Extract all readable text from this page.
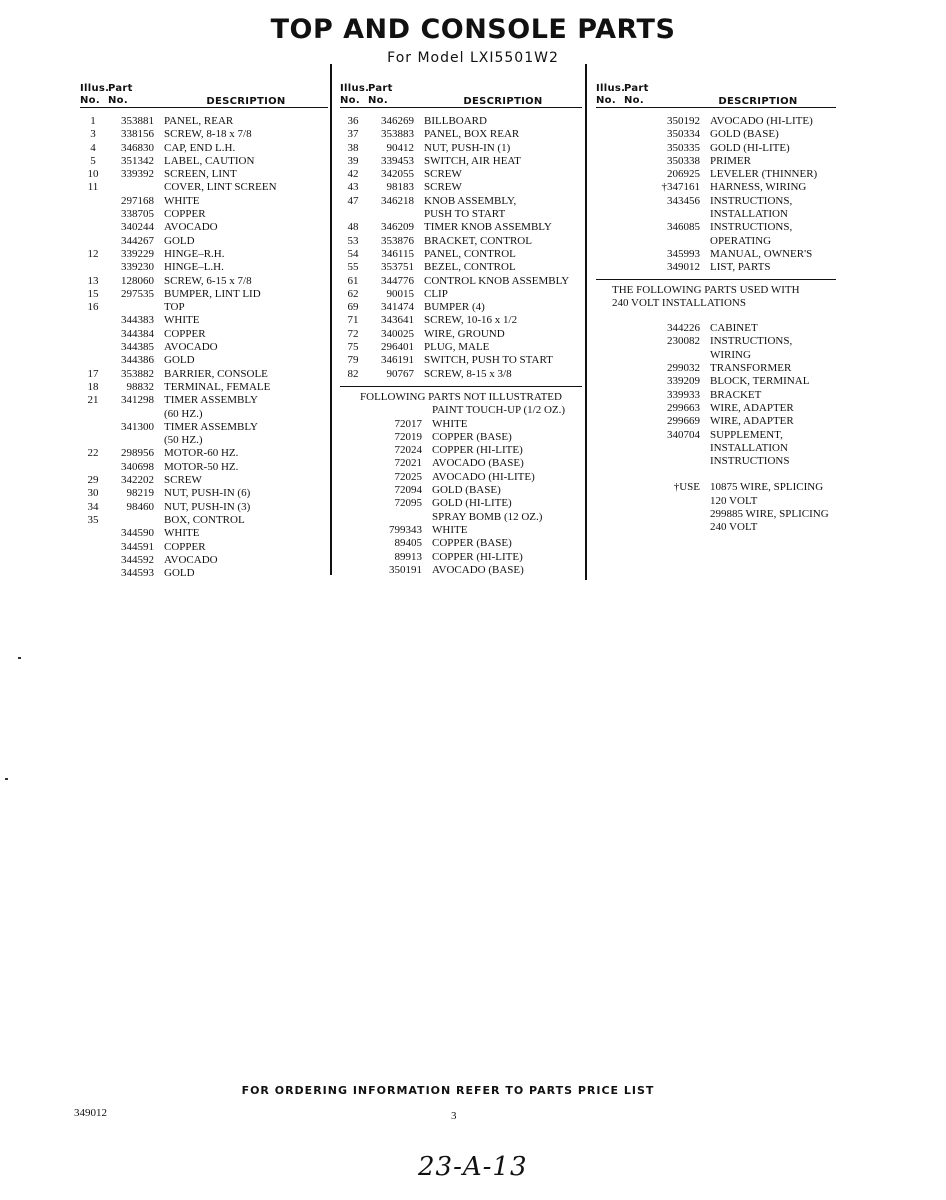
TOP AND CONSOLE PARTS
For Model LXI5501W2
Illus.
No.
Part
No.	DESCRIPTION
1	353881 PANEL, REAR
3	338156 SCREW, 8-18 x 7/8
4	346830 CAP, END L.H.
5	351342 LABEL, CAUTION
10	339392 SCREEN, LINT
11	COVER, LINT SCREEN
297168 WHITE
338705 COPPER
340244 AVOCADO
344267 GOLD
12	339229 HINGE–R.H.
339230 HINGE–L.H.
13	128060 SCREW, 6-15 x 7/8
15	297535 BUMPER, LINT LID
16	TOP
344383 WHITE
344384 COPPER
344385 AVOCADO
344386 GOLD
17	353882 BARRIER, CONSOLE
18	98832 TERMINAL, FEMALE
21	341298 TIMER ASSEMBLY
(60 HZ.)
341300 TIMER ASSEMBLY
(50 HZ.)
22	298956 MOTOR-60 HZ.
340698 MOTOR-50 HZ.
29	342202 SCREW
30	98219 NUT, PUSH-IN (6)
34	98460 NUT, PUSH-IN (3)
35	BOX, CONTROL
344590 WHITE
344591 COPPER
344592 AVOCADO
344593 GOLD
Illus.
No.
Part
No.	DESCRIPTION
36	346269 BILLBOARD
37	353883 PANEL, BOX REAR
38	90412 NUT, PUSH-IN (1)
39	339453 SWITCH, AIR HEAT
42	342055 SCREW
43	98183 SCREW
47	346218 KNOB ASSEMBLY,
PUSH TO START
48	346209 TIMER KNOB ASSEMBLY
53	353876 BRACKET, CONTROL
54	346115 PANEL, CONTROL
55	353751 BEZEL, CONTROL
61	344776 CONTROL KNOB ASSEMBLY
62	90015 CLIP
69	341474 BUMPER (4)
71	343641 SCREW, 10-16 x 1/2
72	340025 WIRE, GROUND
75	296401 PLUG, MALE
79	346191 SWITCH, PUSH TO START
82	90767 SCREW, 8-15 x 3/8
FOLLOWING PARTS NOT ILLUSTRATED
PAINT TOUCH-UP (1/2 OZ.)
72017 WHITE
72019 COPPER (BASE)
72024 COPPER (HI-LITE)
72021 AVOCADO (BASE)
72025 AVOCADO (HI-LITE)
72094 GOLD (BASE)
72095 GOLD (HI-LITE)
SPRAY BOMB (12 OZ.)
799343 WHITE
89405 COPPER (BASE)
89913 COPPER (HI-LITE)
350191 AVOCADO (BASE)
Illus.
No.
Part
No.	DESCRIPTION
350192 AVOCADO (HI-LITE)
350334 GOLD (BASE)
350335 GOLD (HI-LITE)
350338 PRIMER
206925 LEVELER (THINNER)
†347161 HARNESS, WIRING
343456 INSTRUCTIONS,
INSTALLATION
346085 INSTRUCTIONS,
OPERATING
345993 MANUAL, OWNER'S
349012 LIST, PARTS
THE FOLLOWING PARTS USED WITH
240 VOLT INSTALLATIONS
344226 CABINET
230082 INSTRUCTIONS,
WIRING
299032 TRANSFORMER
339209 BLOCK, TERMINAL
339933 BRACKET
299663 WIRE, ADAPTER
299669 WIRE, ADAPTER
340704 SUPPLEMENT,
INSTALLATION
INSTRUCTIONS
†USE 10875 WIRE, SPLICING
120 VOLT
299885 WIRE, SPLICING
240 VOLT
FOR ORDERING INFORMATION REFER TO PARTS PRICE LIST
349012	3
23-A-13
